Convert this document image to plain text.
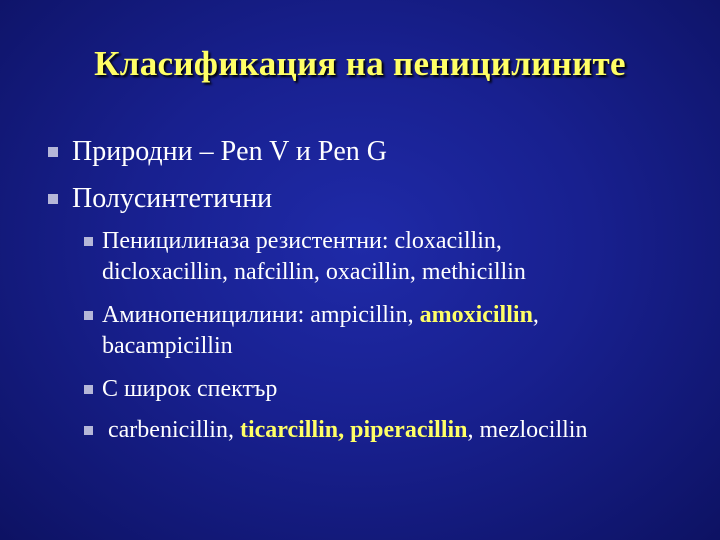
Класификация на пеницилините
Природни – Pen V и Pen G
Полусинтетични
Пеницилиназа резистентни: cloxacillin,
dicloxacillin, nafcillin, oxacillin, methicillin
Аминопеницилини: ampicillin, amoxicillin,
bacampicillin
С широк спектър
carbenicillin, ticarcillin, piperacillin, mezlocillin
